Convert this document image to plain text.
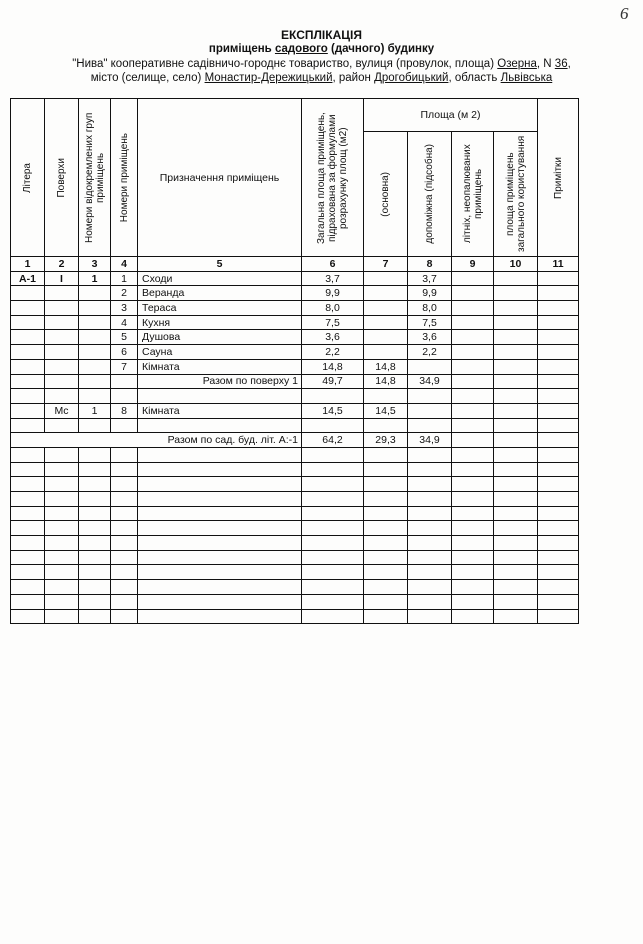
6
ЕКСПЛІКАЦІЯ
приміщень садового (дачного) будинку
"Нива" кооперативне садівничо-городнє товариство, вулиця (провулок, площа) Озерна, N 36,
місто (селище, село) Монастир-Дережицький, район Дрогобицький, область Львівська
Літера	Поверхи	Номери відокремлених груп приміщень	Номери приміщень	Призначення приміщень	Загальна площа приміщень, підрахована за формулами розрахунку площ (м2)	Площа (м 2)				Примітки

						(основна)	допоміжна (підсобна)	літніх, неопалюваних приміщень	площа приміщень загального користування	

1	2	3	4	5	6	7	8	9	10	11
А-1	І	1	1	Сходи	3,7		3,7			
			2	Веранда	9,9		9,9			
			3	Тераса	8,0		8,0			
			4	Кухня	7,5		7,5			
			5	Душова	3,6		3,6			
			6	Сауна	2,2		2,2			
			7	Кімната	14,8	14,8				
				Разом по поверху 1	49,7	14,8	34,9			

	Мс	1	8	Кімната	14,5	14,5				

Разом по сад. буд. літ. А:-1					64,2	29,3	34,9			
